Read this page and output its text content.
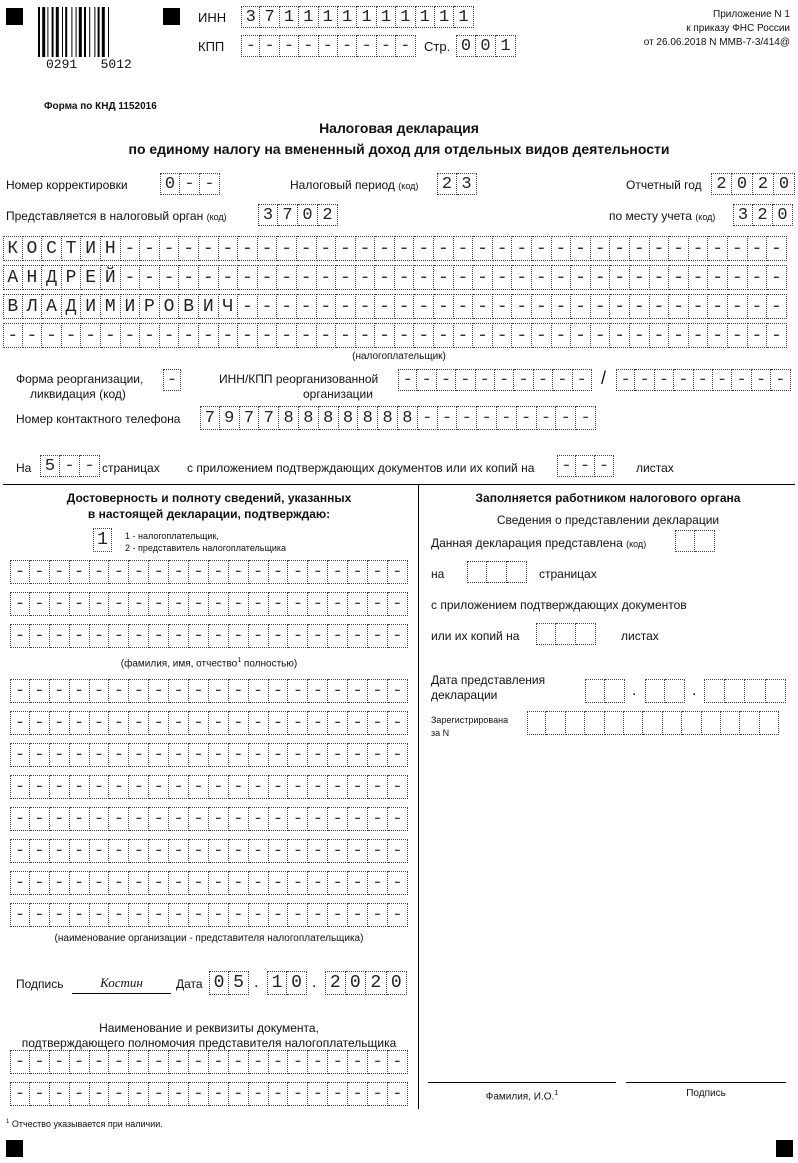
0291   5012
ИНН 3 7 1 1 1 1 1 1 1 1 1 1
КПП - - - - - - - - -	Стр. 0 0 1
Приложение N 1
к приказу ФНС России
от 26.06.2018 N ММВ-7-3/414@
Форма по КНД 1152016
Налоговая декларация
по единому налогу на вмененный доход для отдельных видов деятельности
Номер корректировки 0 - -	Налоговый период (код) 2 3	Отчетный год 2 0 2 0
Представляется в налоговый орган (код) 3 7 0 2	по месту учета (код) 3 2 0
К О С Т И Н - - - - - - - - - - - - - - - - - - - - - - - - - - - - - - - - - -
А Н Д Р Е Й - - - - - - - - - - - - - - - - - - - - - - - - - - - - - - - - - -
В Л А Д И М И Р О В И Ч - - - - - - - - - - - - - - - - - - - - - - - - - - - -
- - - - - - - - - - - - - - - - - - - - - - - - - - - - - - - - - - - - - - - -
(налогоплательщик)
Форма реорганизации,
ликвидация (код)
-	ИНН/КПП реорганизованной
организации
- - - - - - - - - - / - - - - - - - - -
Номер контактного телефона 7 9 7 7 8 8 8 8 8 8 8 - - - - - - - - -
На 5 - - страницах с приложением подтверждающих документов или их копий на - - -	листах
Достоверность и полноту сведений, указанных
в настоящей декларации, подтверждаю:
1	1 - налогоплательщик,
2 - представитель налогоплательщика
- - - - - - - - - - - - - - - - - - - -
- - - - - - - - - - - - - - - - - - - -
- - - - - - - - - - - - - - - - - - - -
(фамилия, имя, отчество$^1$ полностью)
- - - - - - - - - - - - - - - - - - - -
- - - - - - - - - - - - - - - - - - - -
- - - - - - - - - - - - - - - - - - - -
- - - - - - - - - - - - - - - - - - - -
- - - - - - - - - - - - - - - - - - - -
- - - - - - - - - - - - - - - - - - - -
- - - - - - - - - - - - - - - - - - - -
- - - - - - - - - - - - - - - - - - - -
(наименование организации - представителя налогоплательщика)
Подпись	Костин	Дата 0 5 . 1 0 . 2 0 2 0
Наименование и реквизиты документа,
подтверждающего полномочия представителя налогоплательщика
- - - - - - - - - - - - - - - - - - - -
- - - - - - - - - - - - - - - - - - - -
Заполняется работником налогового органа
Сведения о представлении декларации
Данная декларация представлена (код)
на	страницах
с приложением подтверждающих документов
или их копий на	листах
Дата представления
декларации	.	.
Зарегистрирована
за N
Фамилия, И.О.$^1$	Подпись
$^1$ Отчество указывается при наличии.
